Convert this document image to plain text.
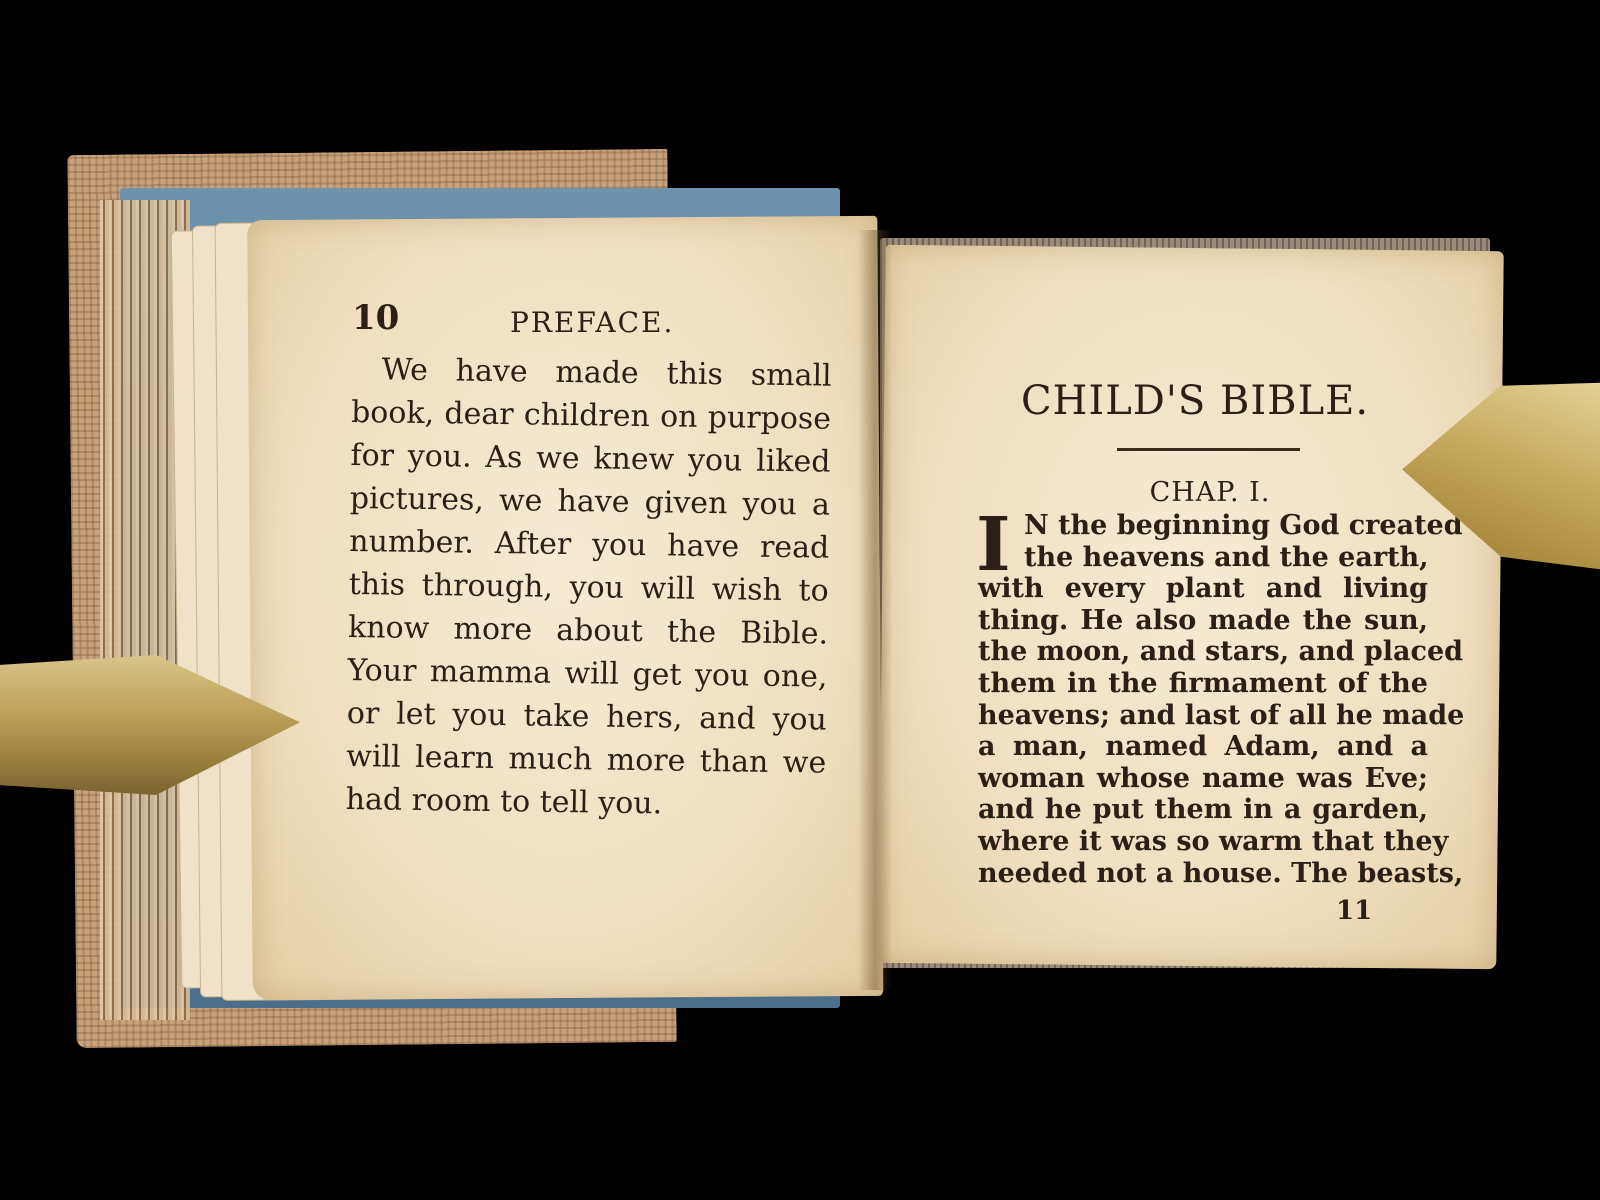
10	PREFACE.
We have made this small
book, dear children on purpose
for you. As we knew you liked
pictures, we have given you a
number. After you have read
this through, you will wish to
know more about the Bible.
Your mamma will get you one,
or let you take hers, and you
will learn much more than we
had room to tell you.
CHILD'S BIBLE.
CHAP. I.
I N the beginning God created
the heavens and the earth,
with every plant and living
thing. He also made the sun,
the moon, and stars, and placed
them in the firmament of the
heavens; and last of all he made
a man, named Adam, and a
woman whose name was Eve;
and he put them in a garden,
where it was so warm that they
needed not a house. The beasts,
11
